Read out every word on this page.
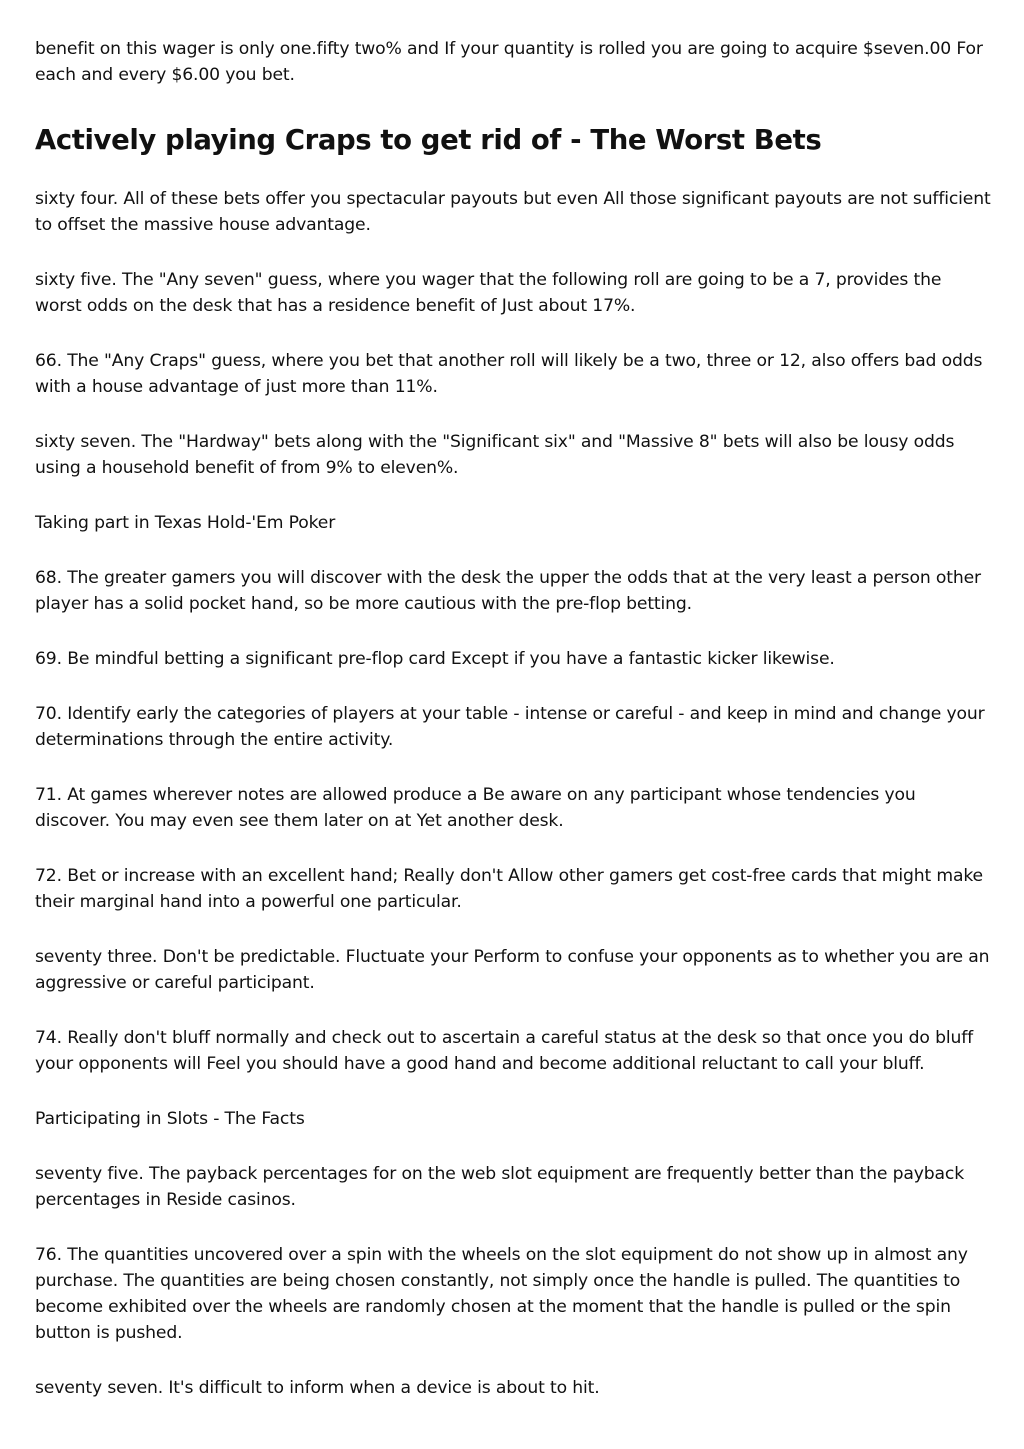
benefit on this wager is only one.fifty two% and If your quantity is rolled you are going to acquire $seven.00 For each and every $6.00 you bet.

Actively playing Craps to get rid of - The Worst Bets

sixty four. All of these bets offer you spectacular payouts but even All those significant payouts are not sufficient to offset the massive house advantage.

sixty five. The "Any seven" guess, where you wager that the following roll are going to be a 7, provides the worst odds on the desk that has a residence benefit of Just about 17%.

66. The "Any Craps" guess, where you bet that another roll will likely be a two, three or 12, also offers bad odds with a house advantage of just more than 11%.

sixty seven. The "Hardway" bets along with the "Significant six" and "Massive 8" bets will also be lousy odds using a household benefit of from 9% to eleven%.

Taking part in Texas Hold-'Em Poker

68. The greater gamers you will discover with the desk the upper the odds that at the very least a person other player has a solid pocket hand, so be more cautious with the pre-flop betting.

69. Be mindful betting a significant pre-flop card Except if you have a fantastic kicker likewise.

70. Identify early the categories of players at your table - intense or careful - and keep in mind and change your determinations through the entire activity.

71. At games wherever notes are allowed produce a Be aware on any participant whose tendencies you discover. You may even see them later on at Yet another desk.

72. Bet or increase with an excellent hand; Really don't Allow other gamers get cost-free cards that might make their marginal hand into a powerful one particular.

seventy three. Don't be predictable. Fluctuate your Perform to confuse your opponents as to whether you are an aggressive or careful participant.

74. Really don't bluff normally and check out to ascertain a careful status at the desk so that once you do bluff your opponents will Feel you should have a good hand and become additional reluctant to call your bluff.

Participating in Slots - The Facts

seventy five. The payback percentages for on the web slot equipment are frequently better than the payback percentages in Reside casinos.

76. The quantities uncovered over a spin with the wheels on the slot equipment do not show up in almost any purchase. The quantities are being chosen constantly, not simply once the handle is pulled. The quantities to become exhibited over the wheels are randomly chosen at the moment that the handle is pulled or the spin button is pushed.

seventy seven. It's difficult to inform when a device is about to hit.
